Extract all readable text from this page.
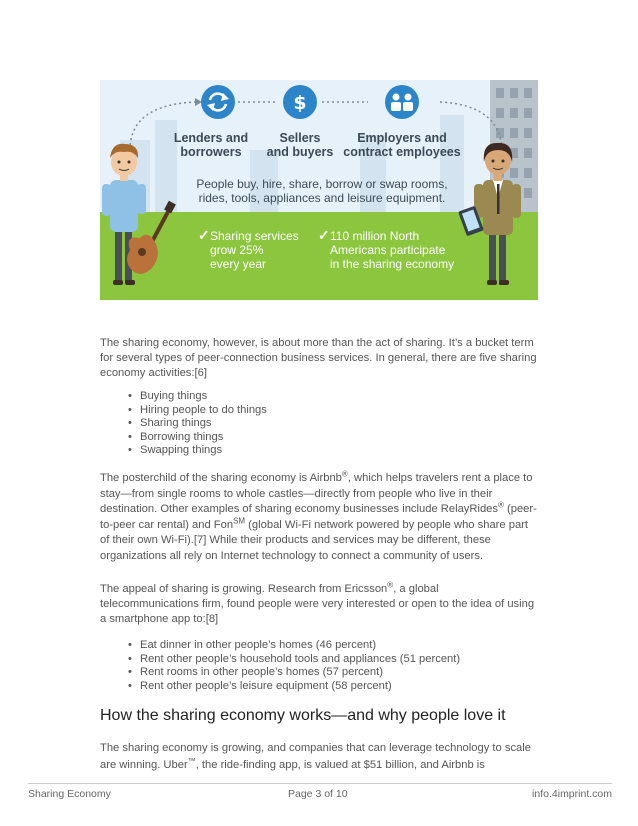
$
Lenders and
borrowers
Sellers
and buyers
Employers and
contract employees
People buy, hire, share, borrow or swap rooms,
rides, tools, appliances and leisure equipment.
✓ Sharing services
grow 25%
every year
✓ 110 million North
Americans participate
in the sharing economy

The sharing economy, however, is about more than the act of sharing. It’s a bucket term for several types of peer-connection business services. In general, there are five sharing economy activities:[6]

• Buying things
• Hiring people to do things
• Sharing things
• Borrowing things
• Swapping things

The posterchild of the sharing economy is Airbnb®, which helps travelers rent a place to stay—from single rooms to whole castles—directly from people who live in their destination. Other examples of sharing economy businesses include RelayRides® (peer-to-peer car rental) and Fon℠ (global Wi-Fi network powered by people who share part of their own Wi-Fi).[7] While their products and services may be different, these organizations all rely on Internet technology to connect a community of users.

The appeal of sharing is growing. Research from Ericsson®, a global telecommunications firm, found people were very interested or open to the idea of using a smartphone app to:[8]

• Eat dinner in other people’s homes (46 percent)
• Rent other people’s household tools and appliances (51 percent)
• Rent rooms in other people’s homes (57 percent)
• Rent other people’s leisure equipment (58 percent)
How the sharing economy works—and why people love it

The sharing economy is growing, and companies that can leverage technology to scale are winning. Uber™, the ride-finding app, is valued at $51 billion, and Airbnb is

Sharing Economy	Page 3 of 10	info.4imprint.com
